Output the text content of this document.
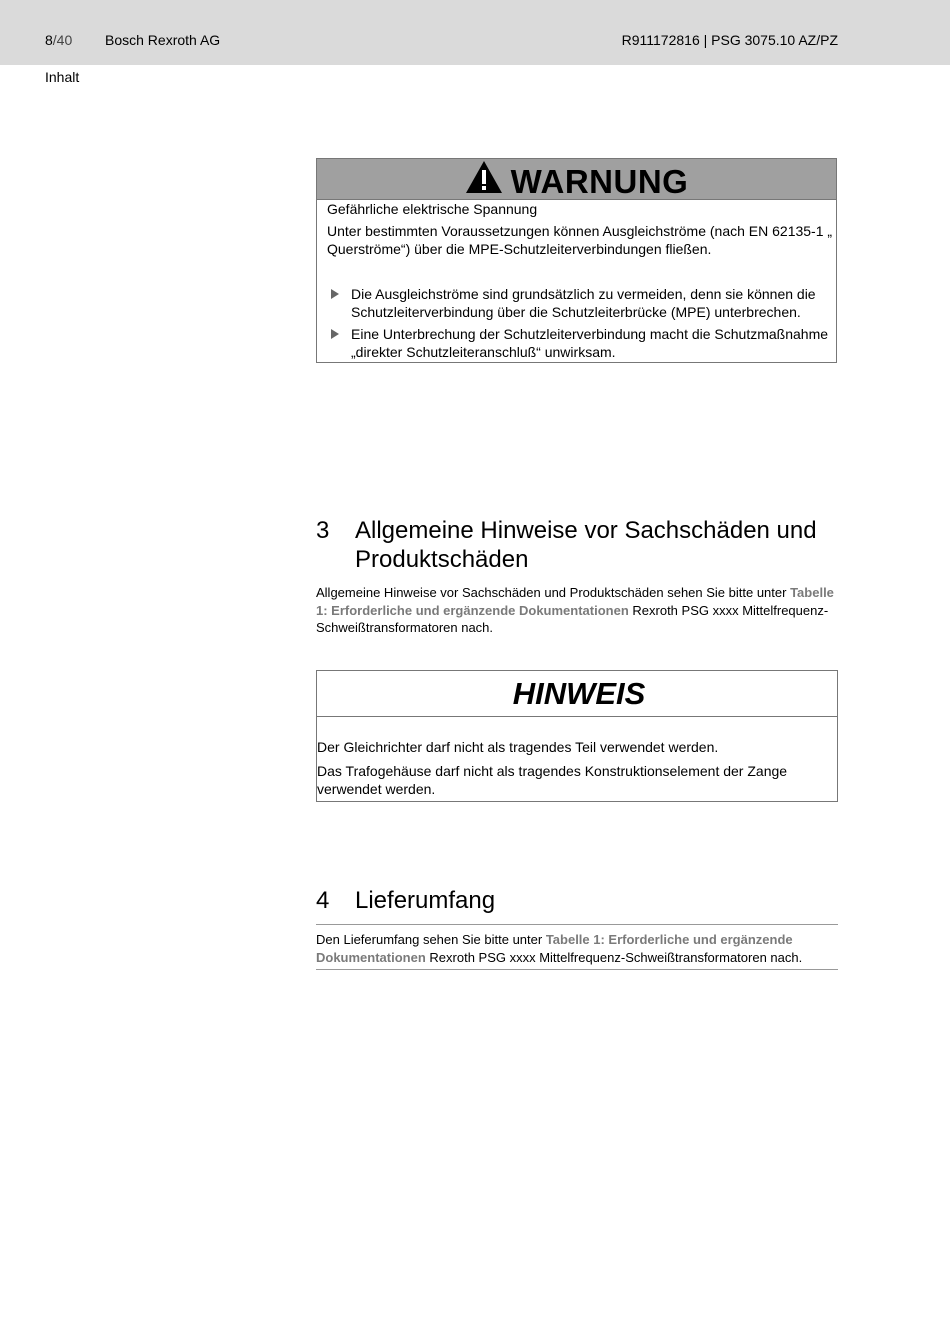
8/40 Bosch Rexroth AG	R911172816 | PSG 3075.10 AZ/PZ
Inhalt
WARNUNG
Gefährliche elektrische Spannung
Unter bestimmten Voraussetzungen können Ausgleichströme (nach EN 62135-1 „ Querströme“) über die MPE-Schutzleiterverbindungen fließen.
Die Ausgleichströme sind grundsätzlich zu vermeiden, denn sie können die Schutzleiterverbindung über die Schutzleiterbrücke (MPE) unterbrechen.
Eine Unterbrechung der Schutzleiterverbindung macht die Schutzmaßnahme „direkter Schutzleiteranschluß“ unwirksam.
3 Allgemeine Hinweise vor Sachschäden und Produktschäden
Allgemeine Hinweise vor Sachschäden und Produktschäden sehen Sie bitte unter Tabelle 1: Erforderliche und ergänzende Dokumentationen Rexroth PSG xxxx Mittelfrequenz-Schweißtransformatoren nach.
HINWEIS
Der Gleichrichter darf nicht als tragendes Teil verwendet werden.
Das Trafogehäuse darf nicht als tragendes Konstruktionselement der Zange verwendet werden.
4 Lieferumfang
Den Lieferumfang sehen Sie bitte unter Tabelle 1: Erforderliche und ergänzende Dokumentationen Rexroth PSG xxxx Mittelfrequenz-Schweißtransformatoren nach.
